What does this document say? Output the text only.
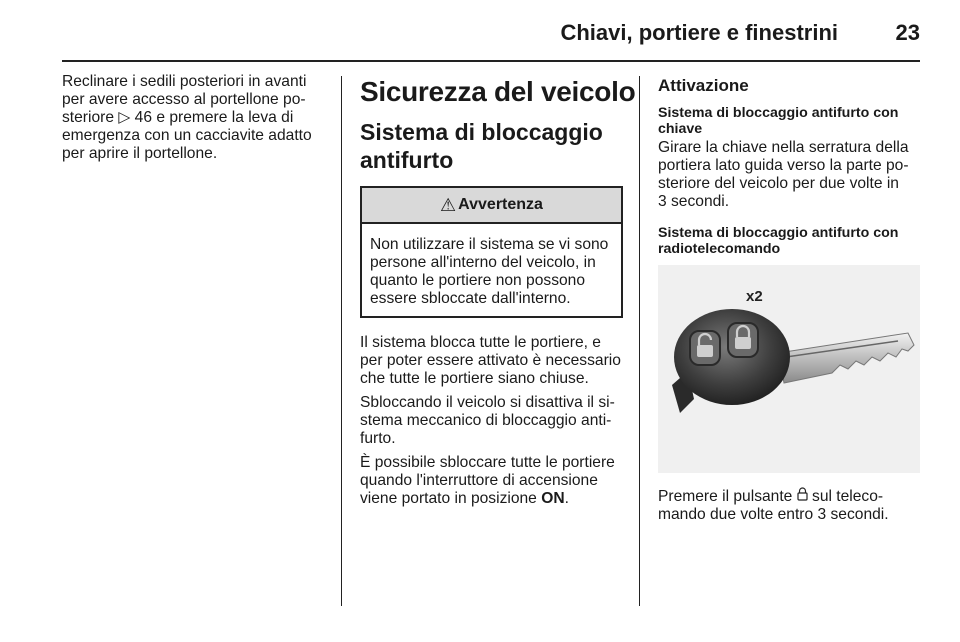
Chiavi, portiere e finestrini	23
Reclinare i sedili posteriori in avanti
per avere accesso al portellone po-
steriore ▷ 46 e premere la leva di
emergenza con un cacciavite adatto
per aprire il portellone.
Sicurezza del veicolo
Sistema di bloccaggio
antifurto
⚠ Avvertenza
Non utilizzare il sistema se vi sono
persone all'interno del veicolo, in
quanto le portiere non possono
essere sbloccate dall'interno.
Il sistema blocca tutte le portiere, e
per poter essere attivato è necessario
che tutte le portiere siano chiuse.
Sbloccando il veicolo si disattiva il si-
stema meccanico di bloccaggio anti-
furto.
È possibile sbloccare tutte le portiere
quando l'interruttore di accensione
viene portato in posizione ON.
Attivazione
Sistema di bloccaggio antifurto con
chiave
Girare la chiave nella serratura della
portiera lato guida verso la parte po-
steriore del veicolo per due volte in
3 secondi.
Sistema di bloccaggio antifurto con
radiotelecomando
x2
Premere il pulsante  sul teleco-
mando due volte entro 3 secondi.
